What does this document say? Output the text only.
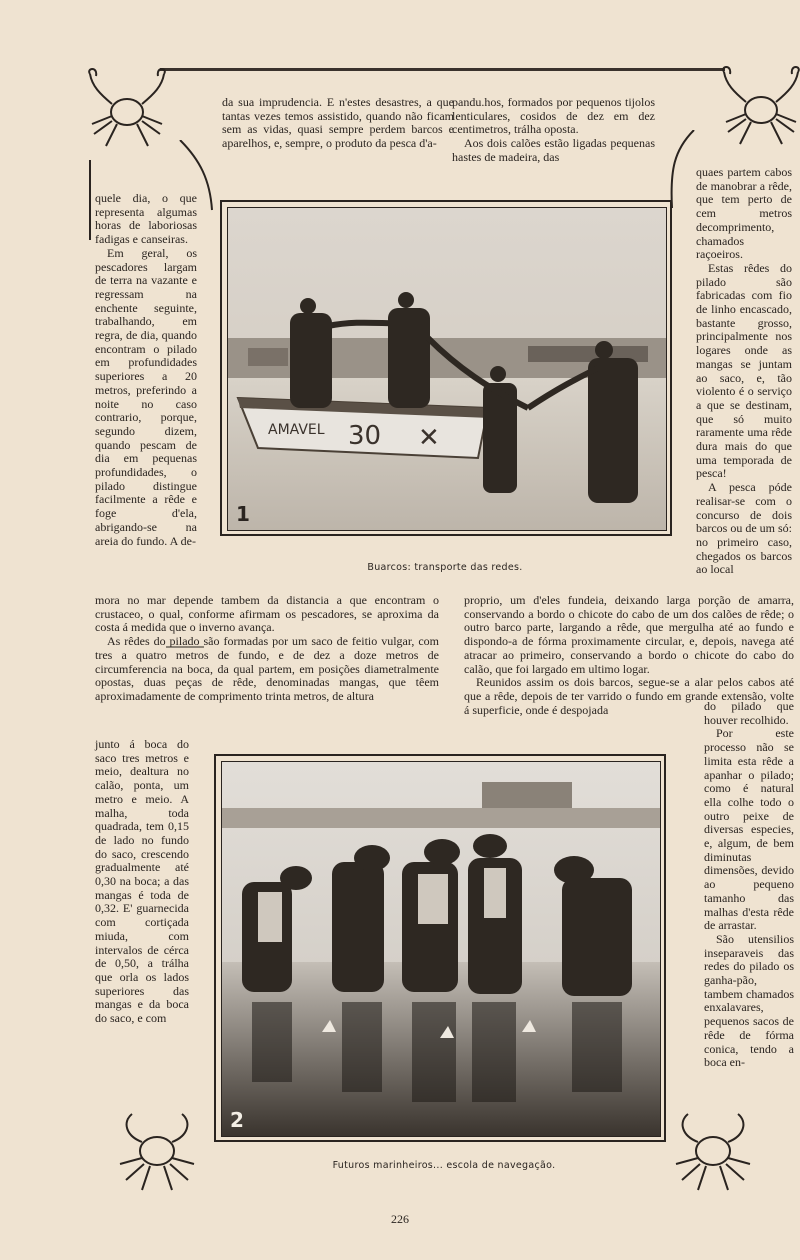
da sua imprudencia. E n'estes desastres, a que tantas vezes temos assistido, quando não ficam sem as vidas, quasi sempre perdem barcos e aparelhos, e, sempre, o produto da pesca d'a-

pandu.hos, formados por pequenos tijolos lenticulares, cosidos de dez em dez centimetros, trálha oposta.

Aos dois calões estão ligadas pequenas hastes de madeira, das

AMAVEL 30 ✕
1
Buarcos: transporte das redes.

quele dia, o que representa algumas horas de laboriosas fadigas e canseiras.

Em geral, os pescadores largam de terra na vazante e regressam na enchente seguinte, trabalhando, em regra, de dia, quando encontram o pilado em profundidades superiores a 20 metros, preferindo a noite no caso contrario, porque, segundo dizem, quando pescam de dia em pequenas profundidades, o pilado distingue facilmente a rêde e foge d'ela, abrigando-se na areia do fundo. A de-

quaes partem cabos de manobrar a rêde, que tem perto de cem metros decomprimento, chamados raçoeiros.

Estas rêdes do pilado são fabricadas com fio de linho encascado, bastante grosso, principalmente nos logares onde as mangas se juntam ao saco, e, tão violento é o serviço a que se destinam, que só muito raramente uma rêde dura mais do que uma temporada de pesca!

A pesca póde realisar-se com o concurso de dois barcos ou de um só: no primeiro caso, chegados os barcos ao local

mora no mar depende tambem da distancia a que encontram o crustaceo, o qual, conforme afirmam os pescadores, se aproxima da costa á medida que o inverno avança.

As rêdes do pilado são formadas por um saco de feitio vulgar, com tres a quatro metros de fundo, e de dez a doze metros de circumferencia na boca, da qual partem, em posições diametralmente opostas, duas peças de rêde, denominadas mangas, que têem aproximadamente de comprimento trinta metros, de altura

proprio, um d'eles fundeia, deixando larga porção de amarra, conservando a bordo o chicote do cabo de um dos calões de rêde; o outro barco parte, largando a rêde, que mergulha até ao fundo e dispondo-a de fórma proximamente circular, e, depois, navega até atracar ao primeiro, conservando a bordo o chicote do cabo do calão, que foi largado em ultimo logar.

Reunidos assim os dois barcos, segue-se a alar pelos cabos até que a rêde, depois de ter varrido o fundo em grande extensão, volte á superficie, onde é despojada

2
Futuros marinheiros... escola de navegação.

junto á boca do saco tres metros e meio, dealtura no calão, ponta, um metro e meio. A malha, toda quadrada, tem 0,15 de lado no fundo do saco, crescendo gradualmente até 0,30 na boca; a das mangas é toda de 0,32. E' guarnecida com cortiçada miuda, com intervalos de cérca de 0,50, a trálha que orla os lados superiores das mangas e da boca do saco, e com

do pilado que houver recolhido.

Por este processo não se limita esta rêde a apanhar o pilado; como é natural ella colhe todo o outro peixe de diversas especies, e, algum, de bem diminutas dimensões, devido ao pequeno tamanho das malhas d'esta rêde de arrastar.

São utensilios inseparaveis das redes do pilado os ganha-pão, tambem chamados enxalavares, pequenos sacos de rêde de fórma conica, tendo a boca en-

226
